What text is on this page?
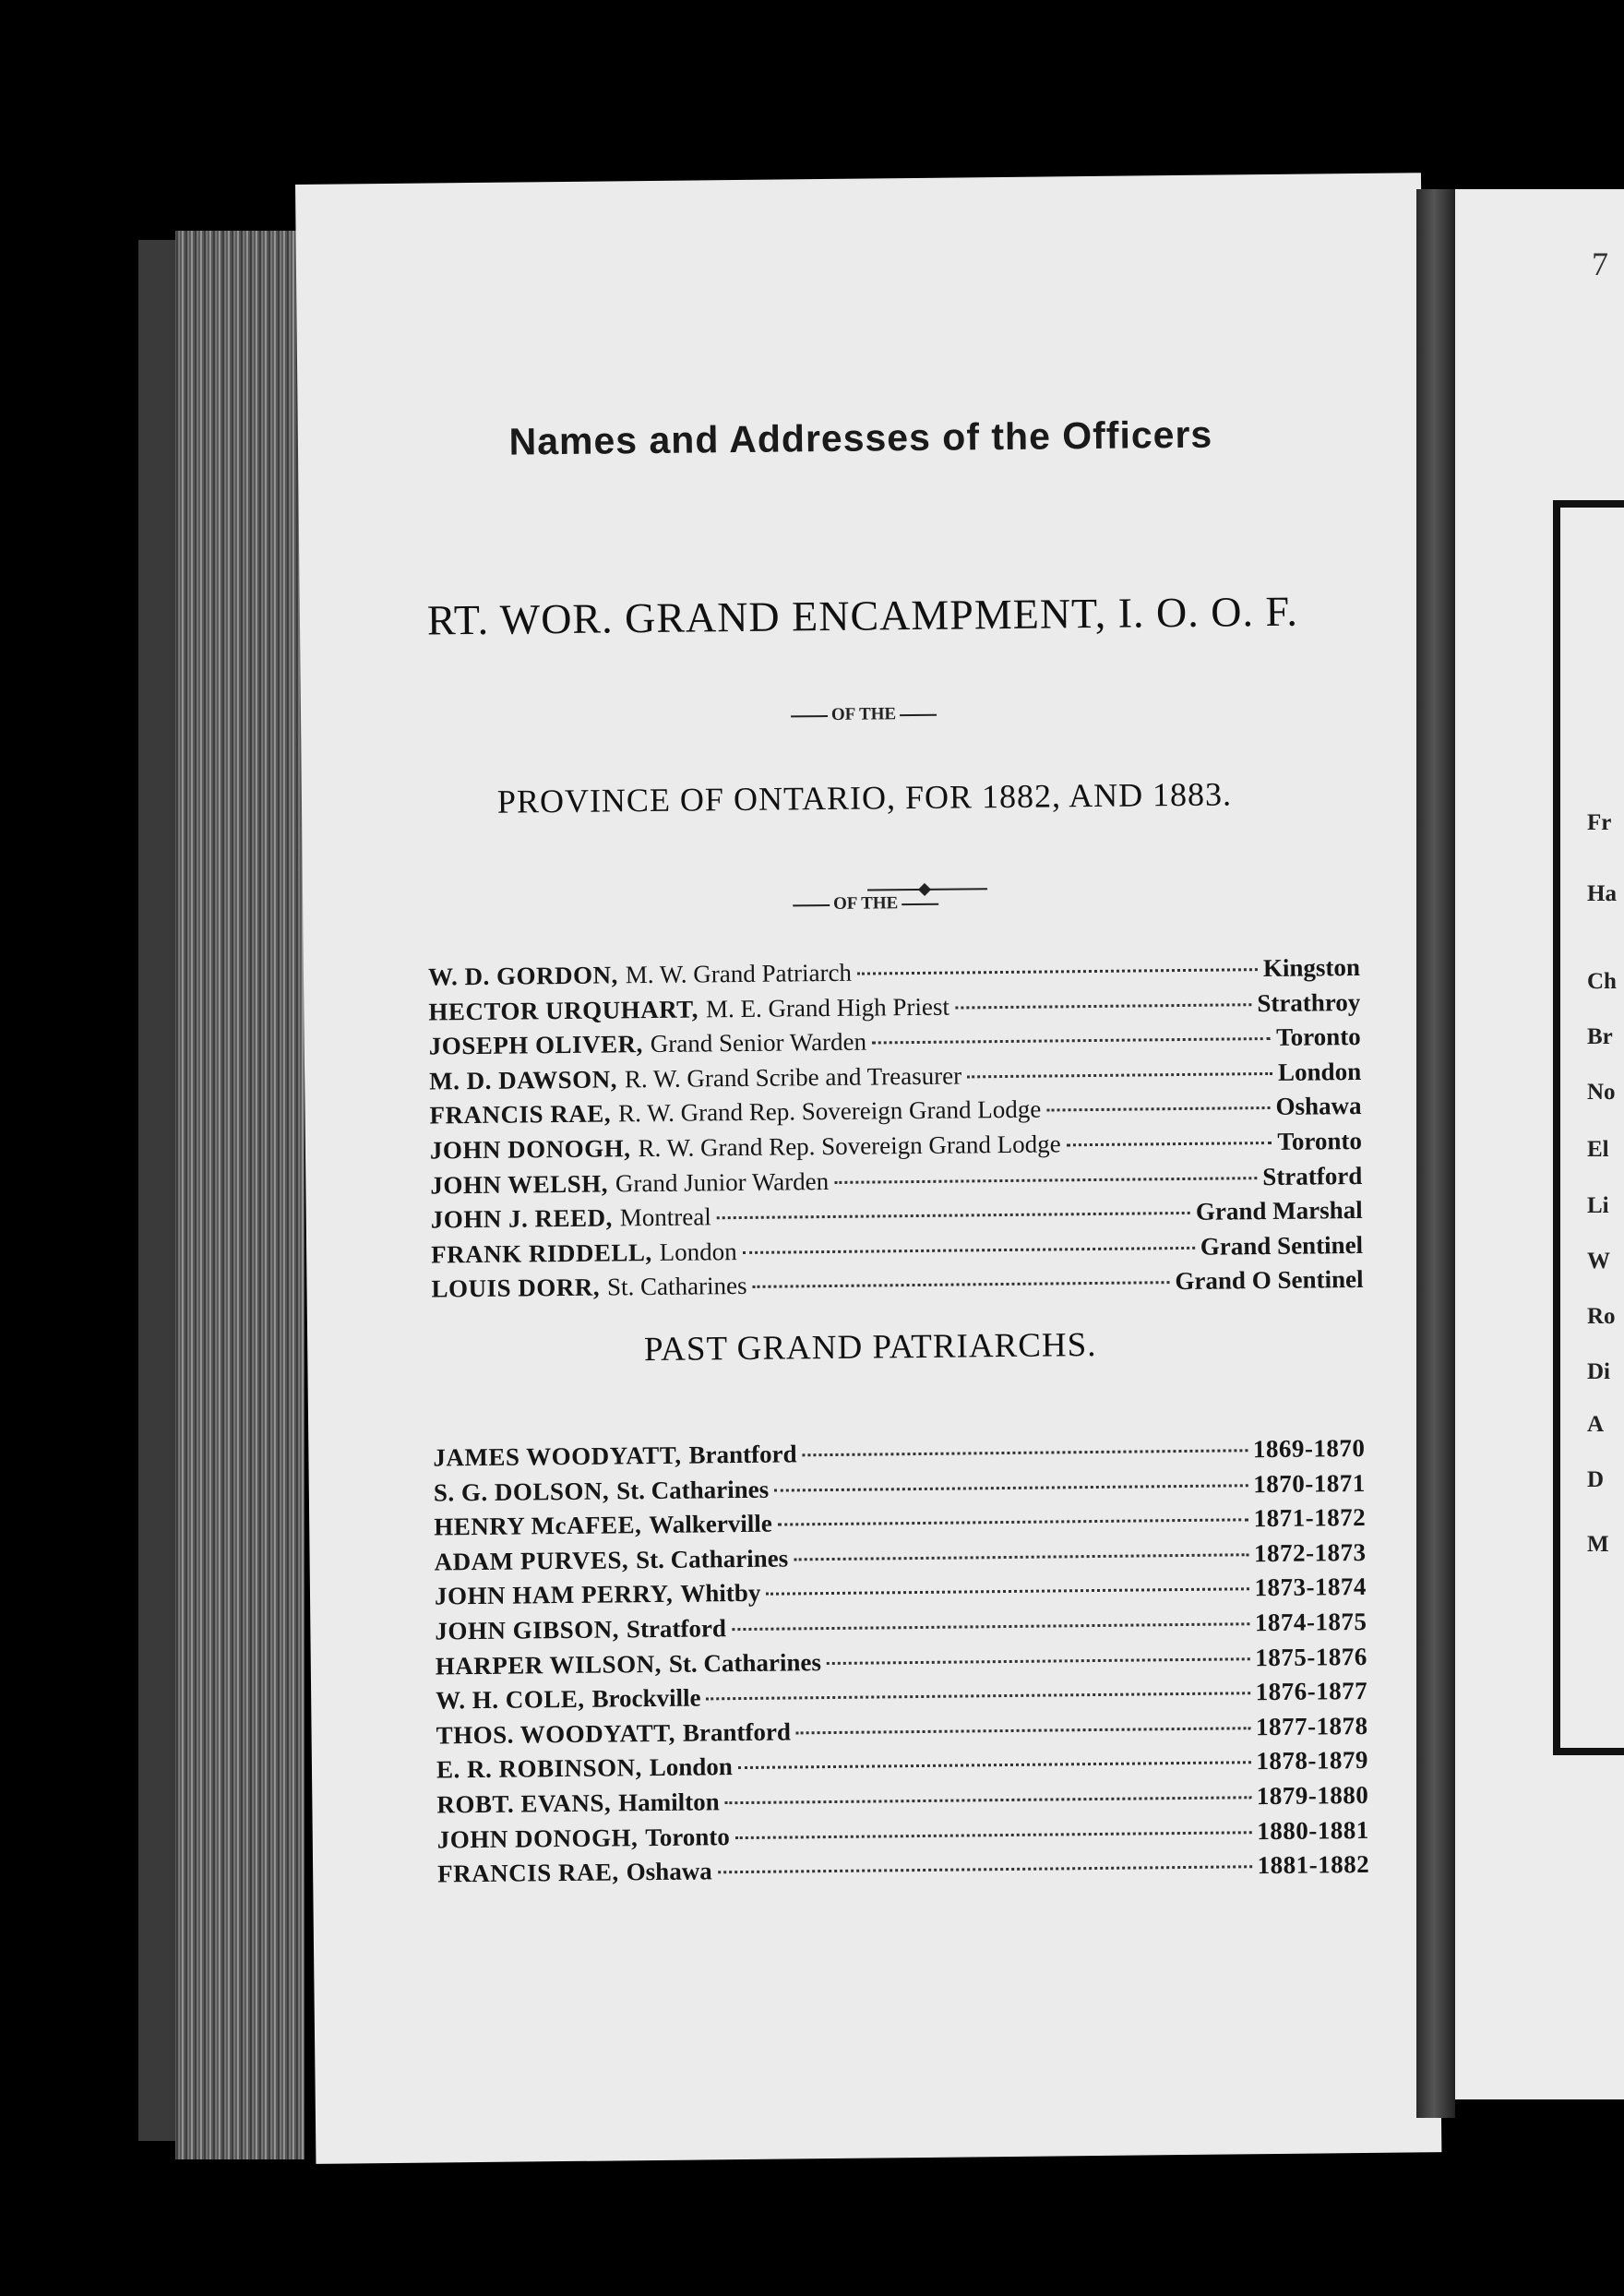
Names and Addresses of the Officers
OF THE
RT. WOR. GRAND ENCAMPMENT, I. O. O. F.
OF THE
PROVINCE OF ONTARIO, FOR 1882, AND 1883.
W. D. GORDON, M. W. Grand Patriarch	Kingston
HECTOR URQUHART, M. E. Grand High Priest	Strathroy
JOSEPH OLIVER, Grand Senior Warden	Toronto
M. D. DAWSON, R. W. Grand Scribe and Treasurer	London
FRANCIS RAE, R. W. Grand Rep. Sovereign Grand Lodge	Oshawa
JOHN DONOGH, R. W. Grand Rep. Sovereign Grand Lodge	Toronto
JOHN WELSH, Grand Junior Warden	Stratford
JOHN J. REED, Montreal	Grand Marshal
FRANK RIDDELL, London	Grand Sentinel
LOUIS DORR, St. Catharines	Grand O Sentinel
PAST GRAND PATRIARCHS.
JAMES WOODYATT, Brantford	1869-1870
S. G. DOLSON, St. Catharines	1870-1871
HENRY McAFEE, Walkerville	1871-1872
ADAM PURVES, St. Catharines	1872-1873
JOHN HAM PERRY, Whitby	1873-1874
JOHN GIBSON, Stratford	1874-1875
HARPER WILSON, St. Catharines	1875-1876
W. H. COLE, Brockville	1876-1877
THOS. WOODYATT, Brantford	1877-1878
E. R. ROBINSON, London	1878-1879
ROBT. EVANS, Hamilton	1879-1880
JOHN DONOGH, Toronto	1880-1881
FRANCIS RAE, Oshawa	1881-1882
7
Fr
Ha
Ch
Br
No
El
Li
W
Ro
Di
A
D
M
